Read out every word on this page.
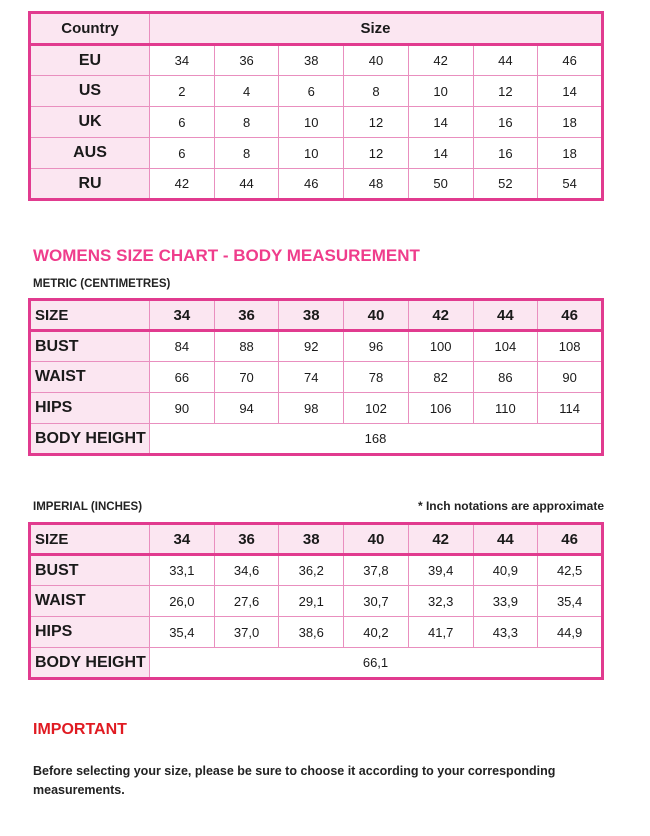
Country	Size						
EU	34	36	38	40	42	44	46
US	2	4	6	8	10	12	14
UK	6	8	10	12	14	16	18
AUS	6	8	10	12	14	16	18
RU	42	44	46	48	50	52	54
WOMENS SIZE CHART - BODY MEASUREMENT
METRIC (CENTIMETRES)
SIZE	34	36	38	40	42	44	46
BUST	84	88	92	96	100	104	108
WAIST	66	70	74	78	82	86	90
HIPS	90	94	98	102	106	110	114
BODY HEIGHT	168						
IMPERIAL (INCHES)	* Inch notations are approximate
SIZE	34	36	38	40	42	44	46
BUST	33,1	34,6	36,2	37,8	39,4	40,9	42,5
WAIST	26,0	27,6	29,1	30,7	32,3	33,9	35,4
HIPS	35,4	37,0	38,6	40,2	41,7	43,3	44,9
BODY HEIGHT	66,1						
IMPORTANT
Before selecting your size, please be sure to choose it according to your corresponding measurements.
